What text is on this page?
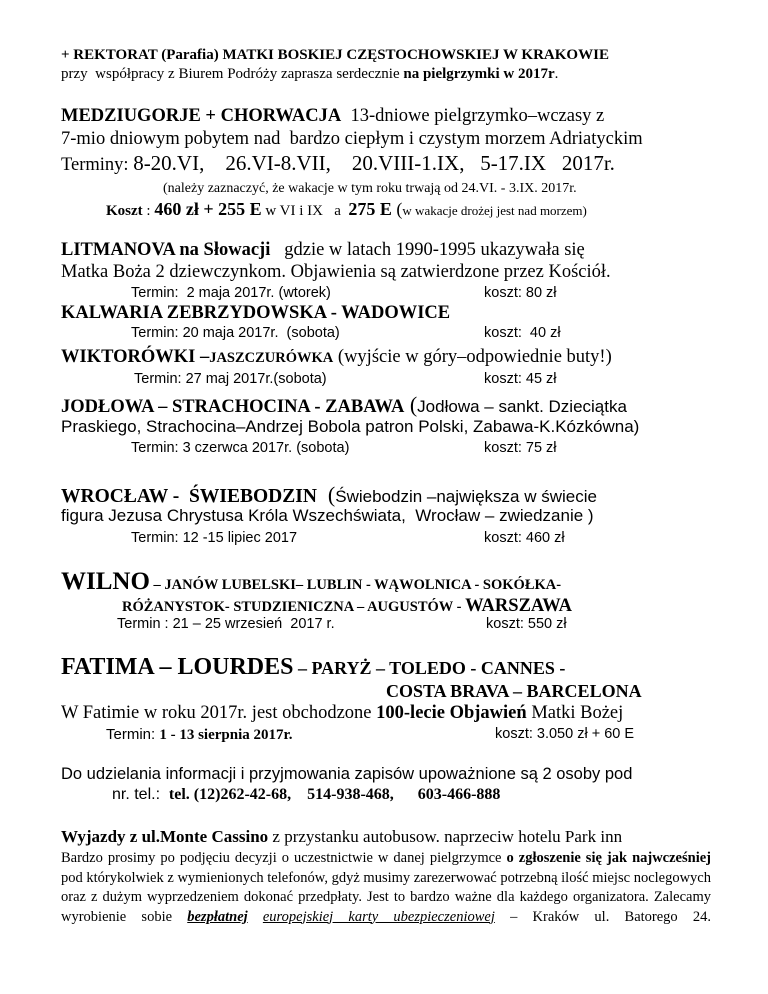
+ REKTORAT (Parafia) MATKI BOSKIEJ CZĘSTOCHOWSKIEJ W KRAKOWIE
przy  współpracy z Biurem Podróży zaprasza serdecznie na pielgrzymki w 2017r.
MEDZIUGORJE + CHORWACJA  13-dniowe pielgrzymko–wczasy z
7-mio dniowym pobytem nad  bardzo ciepłym i czystym morzem Adriatyckim
Terminy: 8-20.VI,    26.VI-8.VII,    20.VIII-1.IX,   5-17.IX   2017r.
(należy zaznaczyć, że wakacje w tym roku trwają od 24.VI. - 3.IX. 2017r.
Koszt : 460 zł + 255 E w VI i IX   a  275 E (w wakacje drożej jest nad morzem)
LITMANOVA na Słowacji   gdzie w latach 1990-1995 ukazywała się
Matka Boża 2 dziewczynkom. Objawienia są zatwierdzone przez Kościół.
Termin:  2 maja 2017r. (wtorek)	koszt: 80 zł
KALWARIA ZEBRZYDOWSKA - WADOWICE
Termin: 20 maja 2017r.  (sobota)	koszt:  40 zł
WIKTORÓWKI –JASZCZURÓWKA (wyjście w góry–odpowiednie buty!)
Termin: 27 maj 2017r.(sobota)	koszt: 45 zł
JODŁOWA – STRACHOCINA - ZABAWA (Jodłowa – sankt. Dzieciątka
Praskiego, Strachocina–Andrzej Bobola patron Polski, Zabawa-K.Kózkówna)
Termin: 3 czerwca 2017r. (sobota)	koszt: 75 zł
WROCŁAW -  ŚWIEBODZIN  (Świebodzin –największa w świecie
figura Jezusa Chrystusa Króla Wszechświata,  Wrocław – zwiedzanie )
Termin: 12 -15 lipiec 2017	koszt: 460 zł
WILNO – JANÓW LUBELSKI– LUBLIN - WĄWOLNICA - SOKÓŁKA-
RÓŻANYSTOK- STUDZIENICZNA – AUGUSTÓW - WARSZAWA
Termin : 21 – 25 wrzesień  2017 r.	koszt: 550 zł
FATIMA – LOURDES – PARYŻ – TOLEDO - CANNES -
COSTA BRAVA – BARCELONA
W Fatimie w roku 2017r. jest obchodzone 100-lecie Objawień Matki Bożej
Termin: 1 - 13 sierpnia 2017r.	koszt: 3.050 zł + 60 E
Do udzielania informacji i przyjmowania zapisów upoważnione są 2 osoby pod
nr. tel.:  tel. (12)262-42-68,    514-938-468,      603-466-888
Wyjazdy z ul.Monte Cassino z przystanku autobusow. naprzeciw hotelu Park inn
Bardzo prosimy po podjęciu decyzji o uczestnictwie w danej pielgrzymce o zgłoszenie się jak najwcześniej pod którykolwiek z wymienionych telefonów, gdyż musimy zarezerwować potrzebną ilość miejsc noclegowych oraz z dużym wyprzedzeniem dokonać przedpłaty. Jest to bardzo ważne dla każdego organizatora. Zalecamy wyrobienie sobie bezpłatnej europejskiej karty ubezpieczeniowej – Kraków ul. Batorego 24.
